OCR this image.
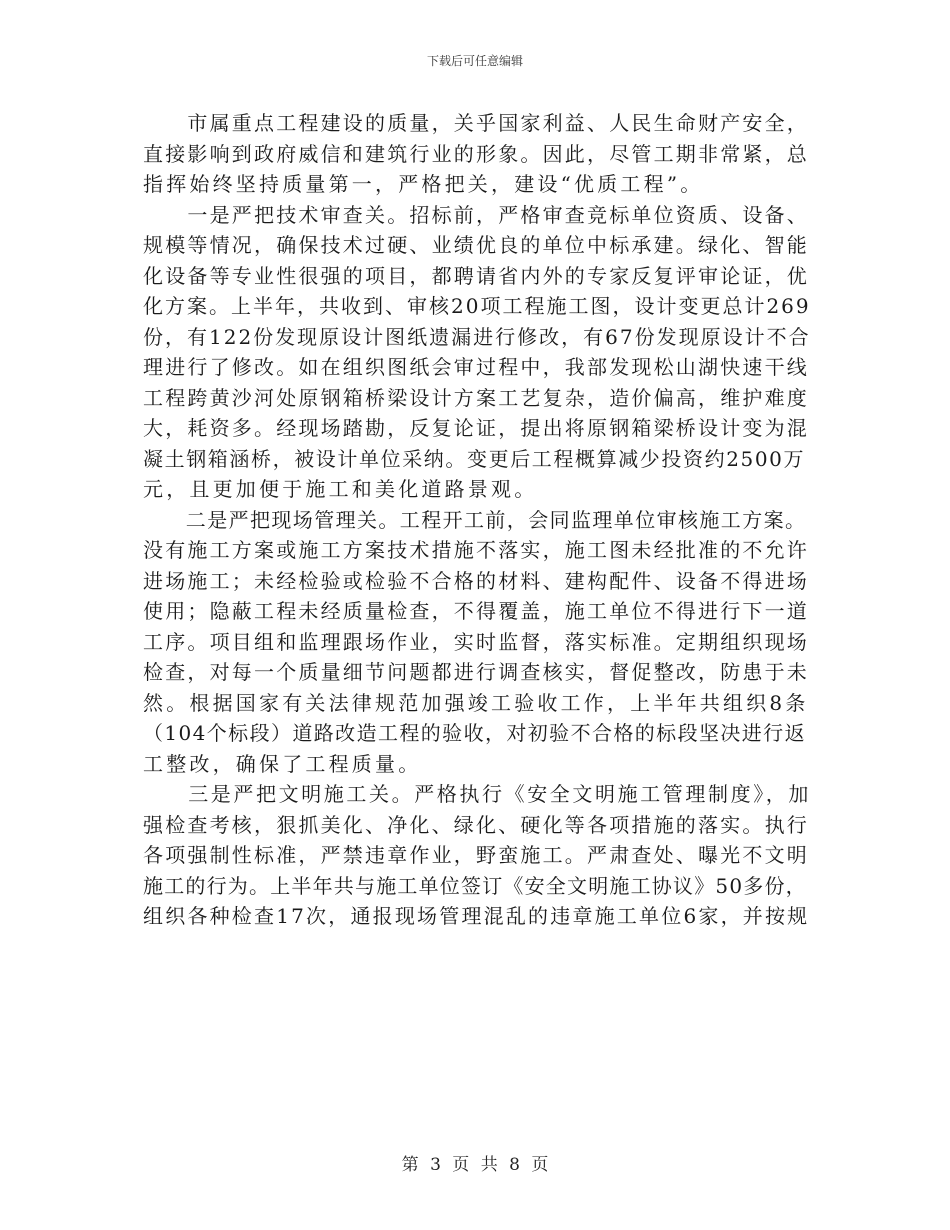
下载后可任意编辑
　　市属重点工程建设的质量，关乎国家利益、人民生命财产安全，
直接影响到政府威信和建筑行业的形象。因此，尽管工期非常紧，总
指挥始终坚持质量第一，严格把关，建设“优质工程”。
　　一是严把技术审查关。招标前，严格审查竞标单位资质、设备、
规模等情况，确保技术过硬、业绩优良的单位中标承建。绿化、智能
化设备等专业性很强的项目，都聘请省内外的专家反复评审论证，优
化方案。上半年，共收到、审核20项工程施工图，设计变更总计269
份，有122份发现原设计图纸遗漏进行修改，有67份发现原设计不合
理进行了修改。如在组织图纸会审过程中，我部发现松山湖快速干线
工程跨黄沙河处原钢箱桥梁设计方案工艺复杂，造价偏高，维护难度
大，耗资多。经现场踏勘，反复论证，提出将原钢箱梁桥设计变为混
凝土钢箱涵桥，被设计单位采纳。变更后工程概算减少投资约2500万
元，且更加便于施工和美化道路景观。
　　二是严把现场管理关。工程开工前，会同监理单位审核施工方案。
没有施工方案或施工方案技术措施不落实，施工图未经批准的不允许
进场施工；未经检验或检验不合格的材料、建构配件、设备不得进场
使用；隐蔽工程未经质量检查，不得覆盖，施工单位不得进行下一道
工序。项目组和监理跟场作业，实时监督，落实标准。定期组织现场
检查，对每一个质量细节问题都进行调查核实，督促整改，防患于未
然。根据国家有关法律规范加强竣工验收工作，上半年共组织8条
（104个标段）道路改造工程的验收，对初验不合格的标段坚决进行返
工整改，确保了工程质量。
　　三是严把文明施工关。严格执行《安全文明施工管理制度》，加
强检查考核，狠抓美化、净化、绿化、硬化等各项措施的落实。执行
各项强制性标准，严禁违章作业，野蛮施工。严肃查处、曝光不文明
施工的行为。上半年共与施工单位签订《安全文明施工协议》50多份，
组织各种检查17次，通报现场管理混乱的违章施工单位6家，并按规
第 3 页 共 8 页
